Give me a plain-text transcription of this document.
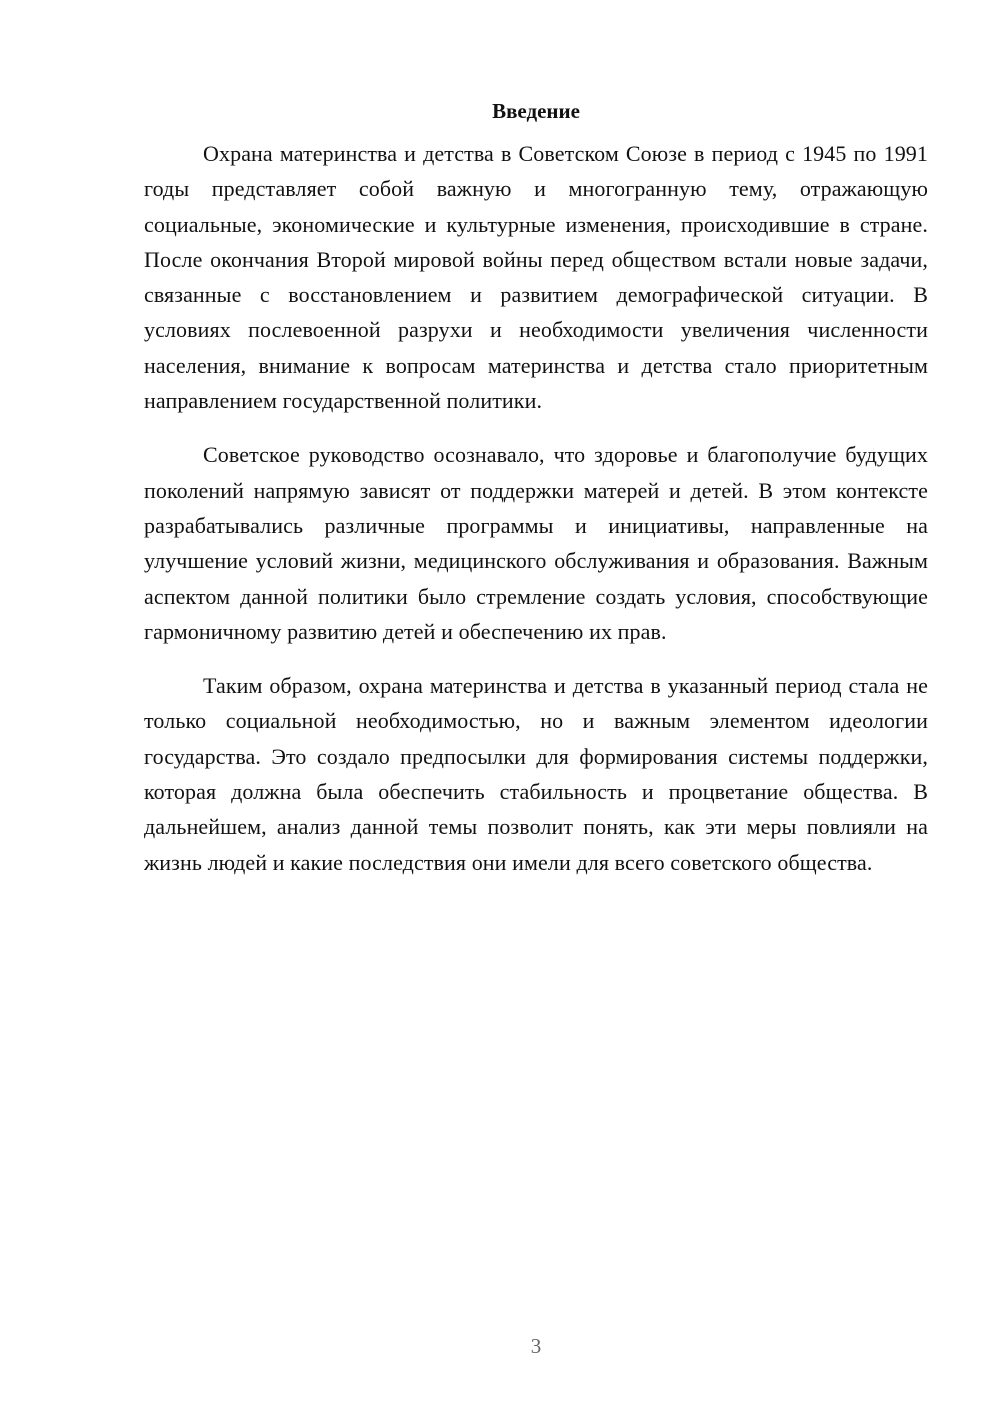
Введение

Охрана материнства и детства в Советском Союзе в период с 1945 по 1991 годы представляет собой важную и многогранную тему, отражающую социальные, экономические и культурные изменения, происходившие в стране. После окончания Второй мировой войны перед обществом встали новые задачи, связанные с восстановлением и развитием демографической ситуации. В условиях послевоенной разрухи и необходимости увеличения численности населения, внимание к вопросам материнства и детства стало приоритетным направлением государственной политики.

Советское руководство осознавало, что здоровье и благополучие будущих поколений напрямую зависят от поддержки матерей и детей. В этом контексте разрабатывались различные программы и инициативы, направленные на улучшение условий жизни, медицинского обслуживания и образования. Важным аспектом данной политики было стремление создать условия, способствующие гармоничному развитию детей и обеспечению их прав.

Таким образом, охрана материнства и детства в указанный период стала не только социальной необходимостью, но и важным элементом идеологии государства. Это создало предпосылки для формирования системы поддержки, которая должна была обеспечить стабильность и процветание общества. В дальнейшем, анализ данной темы позволит понять, как эти меры повлияли на жизнь людей и какие последствия они имели для всего советского общества.

3
